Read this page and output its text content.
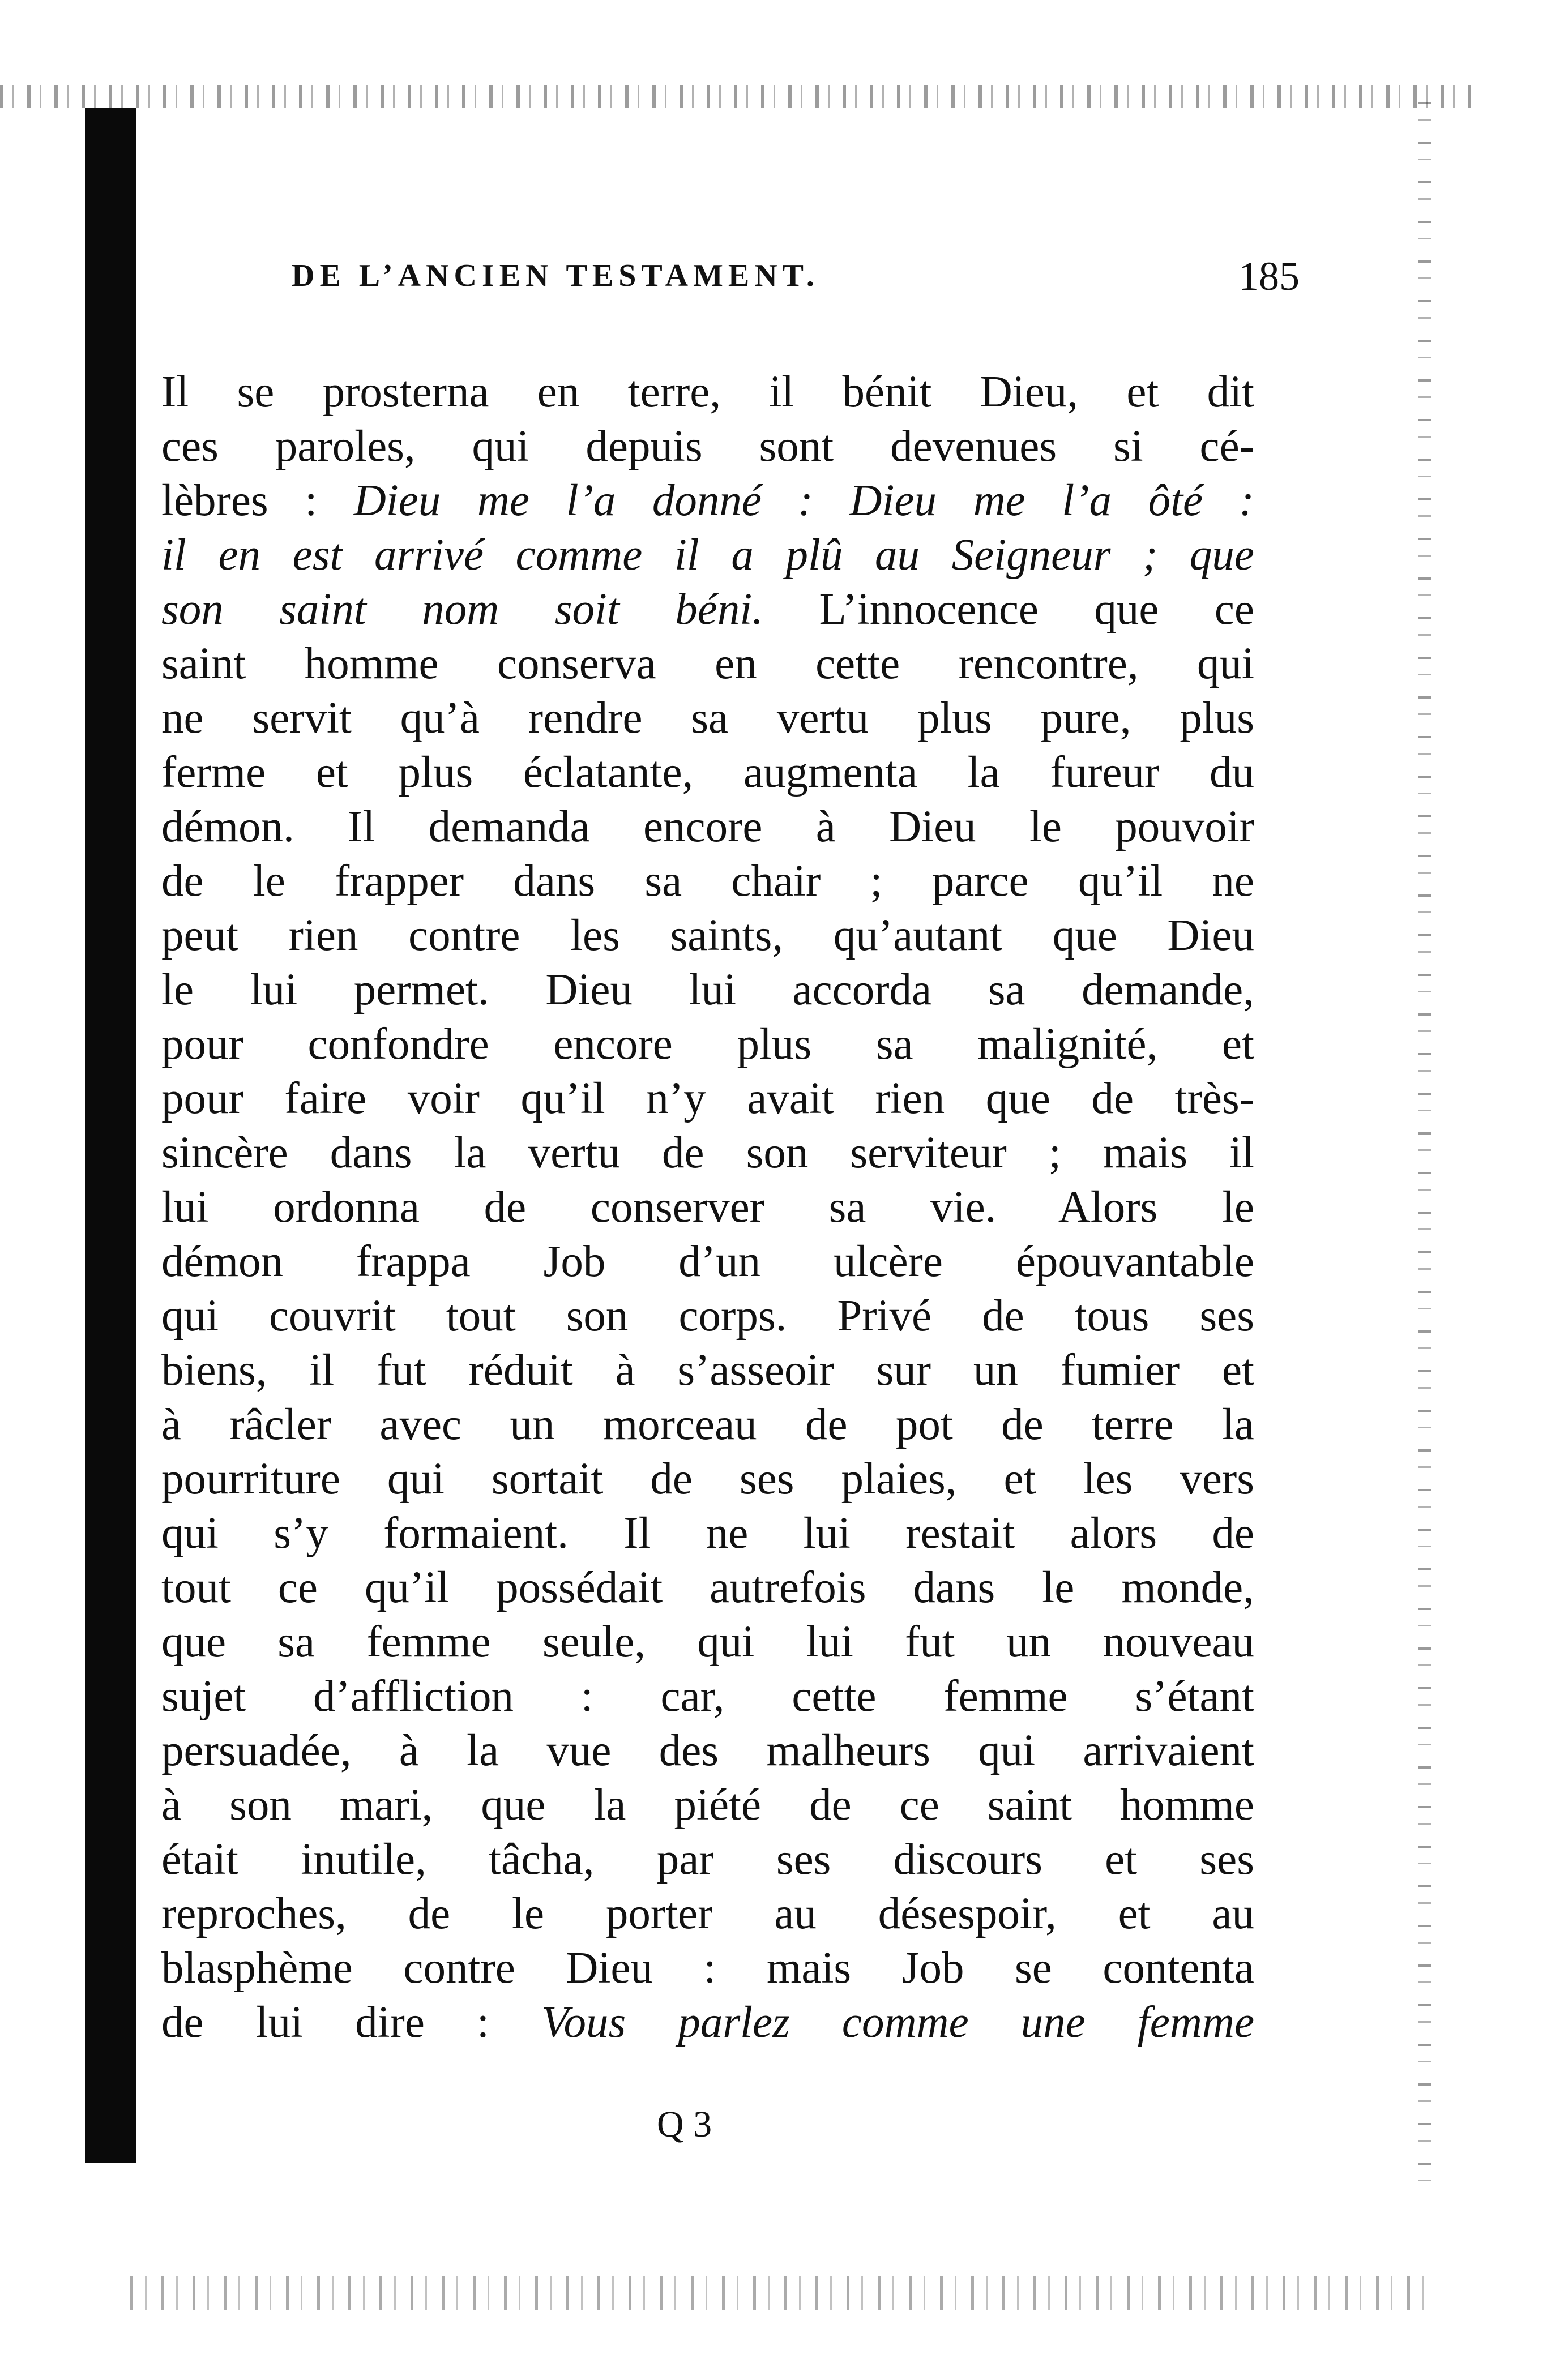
DE L’ANCIEN TESTAMENT.	185
Il se prosterna en terre, il bénit Dieu, et dit
ces paroles, qui depuis sont devenues si cé-
lèbres : Dieu me l’a donné : Dieu me l’a ôté :
il en est arrivé comme il a plû au Seigneur ; que
son saint nom soit béni. L’innocence que ce
saint homme conserva en cette rencontre, qui
ne servit qu’à rendre sa vertu plus pure, plus
ferme et plus éclatante, augmenta la fureur du
démon. Il demanda encore à Dieu le pouvoir
de le frapper dans sa chair ; parce qu’il ne
peut rien contre les saints, qu’autant que Dieu
le lui permet. Dieu lui accorda sa demande,
pour confondre encore plus sa malignité, et
pour faire voir qu’il n’y avait rien que de très-
sincère dans la vertu de son serviteur ; mais il
lui ordonna de conserver sa vie. Alors le
démon frappa Job d’un ulcère épouvantable
qui couvrit tout son corps. Privé de tous ses
biens, il fut réduit à s’asseoir sur un fumier et
à râcler avec un morceau de pot de terre la
pourriture qui sortait de ses plaies, et les vers
qui s’y formaient. Il ne lui restait alors de
tout ce qu’il possédait autrefois dans le monde,
que sa femme seule, qui lui fut un nouveau
sujet d’affliction : car, cette femme s’étant
persuadée, à la vue des malheurs qui arrivaient
à son mari, que la piété de ce saint homme
était inutile, tâcha, par ses discours et ses
reproches, de le porter au désespoir, et au
blasphème contre Dieu : mais Job se contenta
de lui dire : Vous parlez comme une femme
Q 3
